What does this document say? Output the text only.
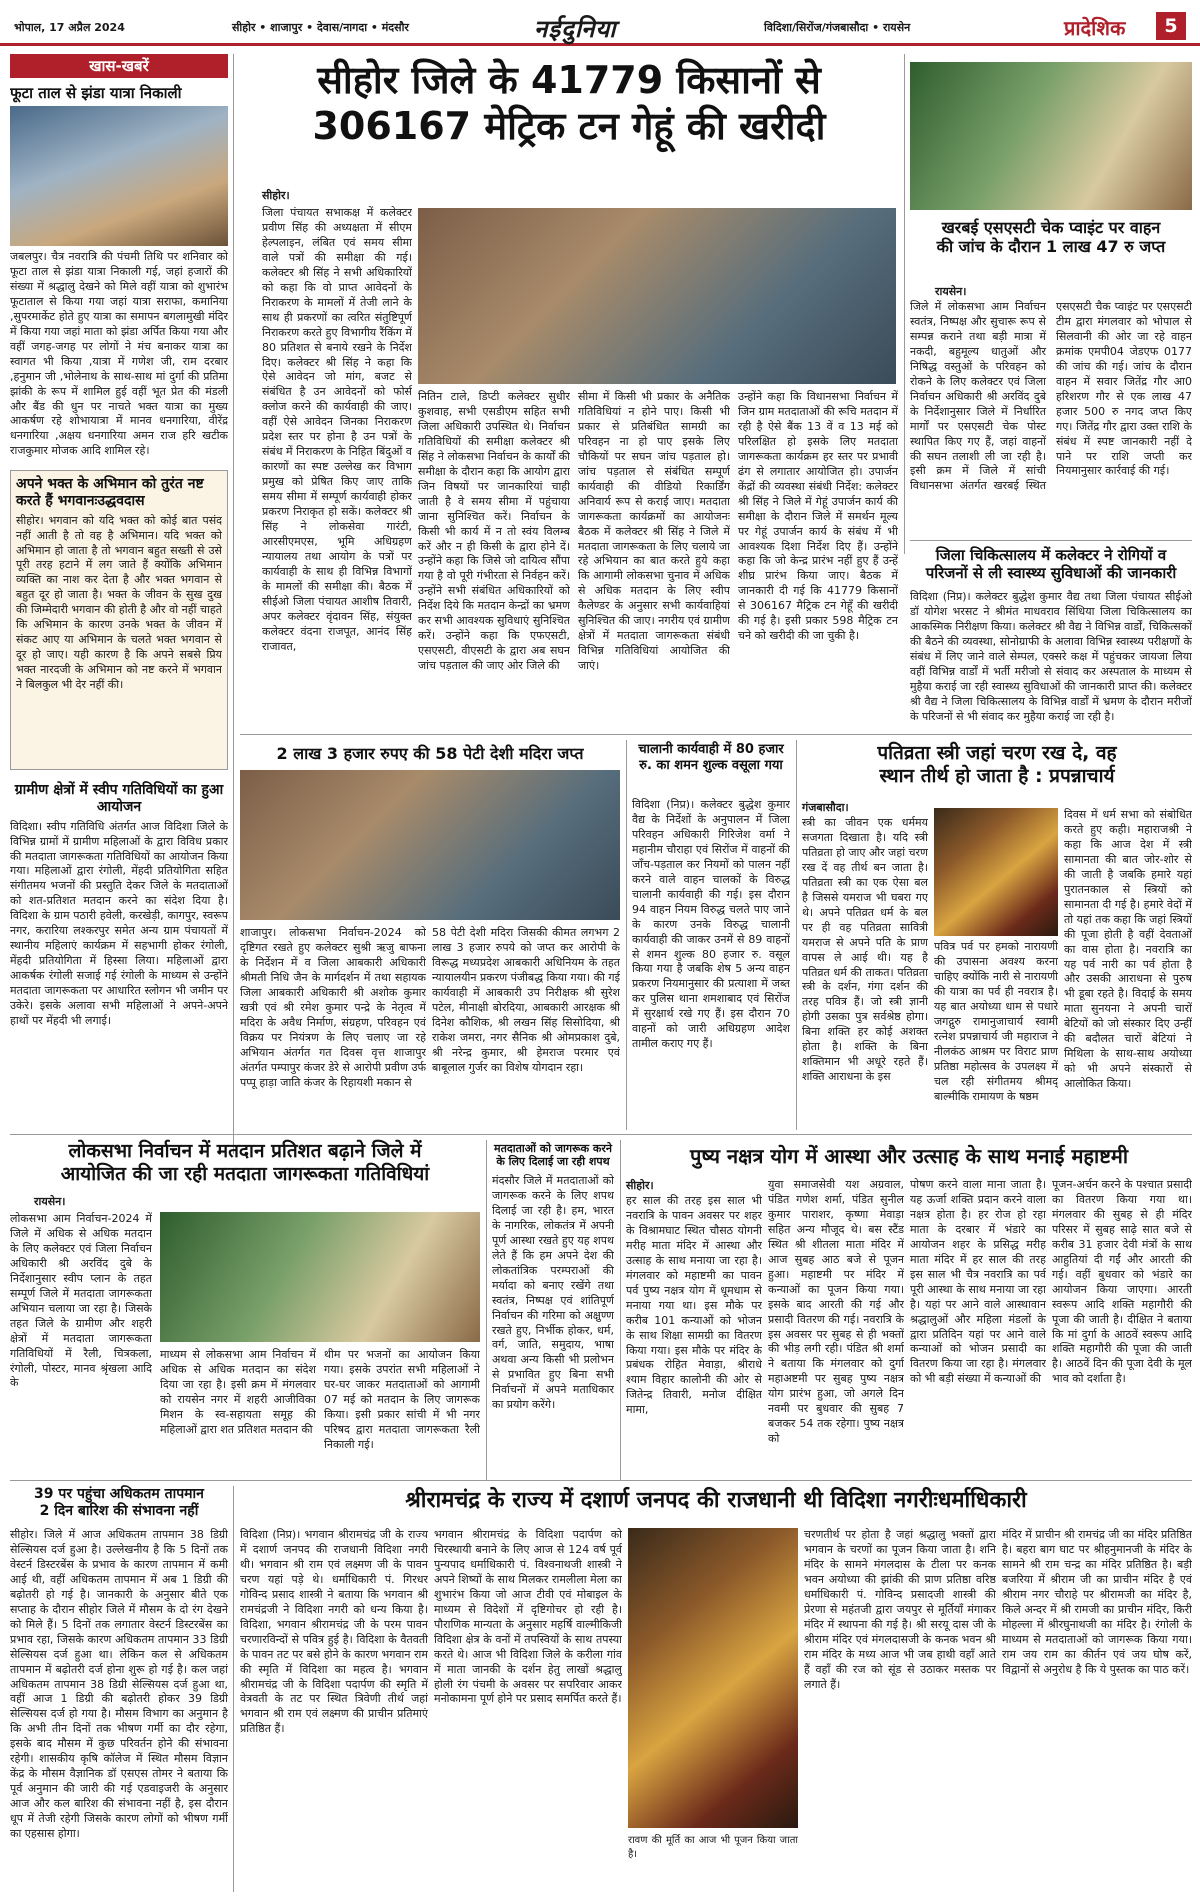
भोपाल, 17 अप्रैल 2024	सीहोर • शाजापुर • देवास/नागदा • मंदसौर	नईदुनिया	विदिशा/सिरोंज/गंजबासौदा • रायसेन	प्रादेशिक	5
खास-खबरें
फूटा ताल से झंडा यात्रा निकाली
जबलपुर। चैत्र नवरात्रि की पंचमी तिथि पर शनिवार को फूटा ताल से झंडा यात्रा निकाली गई, जहां हजारों की संख्या में श्रद्धालु देखने को मिले वहीं यात्रा को शुभारंभ फूटाताल से किया गया जहां यात्रा सराफा, कमानिया ,सुपरमार्केट होते हुए यात्रा का समापन बगलामुखी मंदिर में किया गया जहां माता को झंडा अर्पित किया गया और वहीं जगह-जगह पर लोगों ने मंच बनाकर यात्रा का स्वागत भी किया ,यात्रा में गणेश जी, राम दरबार ,हनुमान जी ,भोलेनाथ के साथ-साथ मां दुर्गा की प्रतिमा झांकी के रूप में शामिल हुई वहीं भूत प्रेत की मंडली और बैंड की धुन पर नाचते भक्त यात्रा का मुख्य आकर्षण रहे शोभायात्रा में मानव धनगारिया, वीरेंद्र धनगारिया ,अक्षय धनगारिया अमन राज हरि खटीक राजकुमार मोजक आदि शामिल रहे।
अपने भक्त के अभिमान को तुरंत नष्ट करते हैं भगवानःउद्धवदास
सीहोर। भगवान को यदि भक्त को कोई बात पसंद नहीं आती है तो वह है अभिमान। यदि भक्त को अभिमान हो जाता है तो भगवान बहुत सख्ती से उसे पूरी तरह हटाने में लग जाते हैं क्योंकि अभिमान व्यक्ति का नाश कर देता है और भक्त भगवान से बहुत दूर हो जाता है। भक्त के जीवन के सुख दुख की जिम्मेदारी भगवान की होती है और वो नहीं चाहते कि अभिमान के कारण उनके भक्त के जीवन में संकट आए या अभिमान के चलते भक्त भगवान से दूर हो जाए। यही कारण है कि अपने सबसे प्रिय भक्त नारदजी के अभिमान को नष्ट करने में भगवान ने बिलकुल भी देर नहीं की।
ग्रामीण क्षेत्रों में स्वीप गतिविधियों का हुआ आयोजन
विदिशा। स्वीप गतिविधि अंतर्गत आज विदिशा जिले के विभिन्न ग्रामों में ग्रामीण महिलाओं के द्वारा विविध प्रकार की मतदाता जागरूकता गतिविधियों का आयोजन किया गया। महिलाओं द्वारा रंगोली, मेंहदी प्रतियोगिता सहित संगीतमय भजनों की प्रस्तुति देकर जिले के मतदाताओं को शत-प्रतिशत मतदान करने का संदेश दिया है। विदिशा के ग्राम पठारी हवेली, करखेड़ी, कागपुर, स्वरूप नगर, करारिया लश्करपुर समेत अन्य ग्राम पंचायतों में स्थानीय महिलाएं कार्यक्रम में सहभागी होकर रंगोली, मेंहदी प्रतियोगिता में हिस्सा लिया। महिलाओं द्वारा आकर्षक रंगोली सजाई गई रंगोली के माध्यम से उन्होंने मतदाता जागरूकता पर आधारित स्लोगन भी जमीन पर उकेरे। इसके अलावा सभी महिलाओं ने अपने-अपने हाथों पर मेंहदी भी लगाई।
सीहोर जिले के 41779 किसानों से
306167 मेट्रिक टन गेहूं की खरीदी
सीहोर।
जिला पंचायत सभाकक्ष में कलेक्टर प्रवीण सिंह की अध्यक्षता में सीएम हेल्पलाइन, लंबित एवं समय सीमा वाले पत्रों की समीक्षा की गई। कलेक्टर श्री सिंह ने सभी अधिकारियों को कहा कि वो प्राप्त आवेदनों के निराकरण के मामलों में तेजी लाने के साथ ही प्रकरणों का त्वरित संतुष्टिपूर्ण निराकरण करते हुए विभागीय रैंकिंग में 80 प्रतिशत से बनाये रखने के निर्देश दिए। कलेक्टर श्री सिंह ने कहा कि ऐसे आवेदन जो मांग, बजट से संबंधित है उन आवेदनों को फोर्स क्लोज करने की कार्यवाही की जाए। वहीं ऐसे आवेदन जिनका निराकरण प्रदेश स्तर पर होना है उन पत्रों के संबंध में निराकरण के निहित बिंदुओं व कारणों का स्पष्ट उल्लेख कर विभाग प्रमुख को प्रेषित किए जाए ताकि समय सीमा में सम्पूर्ण कार्यवाही होकर प्रकरण निराकृत हो सकें। कलेक्टर श्री सिंह ने लोकसेवा गारंटी, आरसीएमएस, भूमि अधिग्रहण न्यायालय तथा आयोग के पत्रों पर कार्यवाही के साथ ही विभिन्न विभागों के मामलों की समीक्षा की। बैठक में सीईओ जिला पंचायत आशीष तिवारी, अपर कलेक्टर वृंदावन सिंह, संयुक्त कलेक्टर वंदना राजपूत, आनंद सिंह राजावत,
नितिन टाले, डिप्टी कलेक्टर सुधीर कुशवाह, सभी एसडीएम सहित सभी जिला अधिकारी उपस्थित थे। निर्वाचन गतिविधियों की समीक्षा कलेक्टर श्री सिंह ने लोकसभा निर्वाचन के कार्यों की समीक्षा के दौरान कहा कि आयोग द्वारा जिन विषयों पर जानकारियां चाही जाती है वे समय सीमा में पहुंचाया जाना सुनिश्चित करें। निर्वाचन के किसी भी कार्य में न तो स्वंय विलम्ब करें और न ही किसी के द्वारा होने दें। उन्होंने कहा कि जिसे जो दायित्व सौंपा गया है वो पूरी गंभीरता से निर्वहन करें। उन्होंने सभी संबंधित अधिकारियों को निर्देश दिये कि मतदान केन्द्रों का भ्रमण कर सभी आवश्यक सुविधाएं सुनिश्चित करें। उन्होंने कहा कि एफएसटी, एसएसटी, वीएसटी के द्वारा अब सघन जांच पड़ताल की जाए ओर जिले की
सीमा में किसी भी प्रकार के अनैतिक गतिविधियां न होने पाए। किसी भी प्रकार से प्रतिबंधित सामग्री का परिवहन ना हो पाए इसके लिए चौकियों पर सघन जांच पड़ताल हो। जांच पड़ताल से संबंधित सम्पूर्ण कार्यवाही की वीडियो रिकार्डिंग अनिवार्य रूप से कराई जाए। मतदाता जागरूकता कार्यक्रमों का आयोजनः बैठक में कलेक्टर श्री सिंह ने जिले में मतदाता जागरूकता के लिए चलाये जा रहे अभियान का बात करते हुये कहा कि आगामी लोकसभा चुनाव में अधिक से अधिक मतदान के लिए स्वीप कैलेण्डर के अनुसार सभी कार्यवाहियां सुनिश्चित की जाए। नगरीय एवं ग्रामीण क्षेत्रों में मतदाता जागरूकता संबंधी विभिन्न गतिविधियां आयोजित की जाएं।
उन्होंने कहा कि विधानसभा निर्वाचन में जिन ग्राम मतदाताओं की रूचि मतदान में रही है ऐसे बैंक 13 वें व 13 मई को परिलक्षित हो इसके लिए मतदाता जागरूकता कार्यक्रम हर स्तर पर प्रभावी ढंग से लगातार आयोजित हो। उपार्जन केंद्रों की व्यवस्था संबंधी निर्देश: कलेक्टर श्री सिंह ने जिले में गेहूं उपार्जन कार्य की समीक्षा के दौरान जिले में समर्थन मूल्य पर गेहूं उपार्जन कार्य के संबंध में भी आवश्यक दिशा निर्देश दिए हैं। उन्होंने कहा कि जो केन्द्र प्रारंभ नहीं हुए हैं उन्हें शीघ्र प्रारंभ किया जाए। बैठक में जानकारी दी गई कि 41779 किसानों से 306167 मैट्रिक टन गेहूँ की खरीदी की गई है। इसी प्रकार 598 मैट्रिक टन चने को खरीदी की जा चुकी है।
खरबई एसएसटी चेक प्वाइंट पर वाहन
की जांच के दौरान 1 लाख 47 रु जप्त
रायसेन।
जिले में लोकसभा आम निर्वाचन स्वतंत्र, निष्पक्ष और सुचारू रूप से सम्पन्न कराने तथा बड़ी मात्रा में नकदी, बहुमूल्य धातुओं और निषिद्ध वस्तुओं के परिवहन को रोकने के लिए कलेक्टर एवं जिला निर्वाचन अधिकारी श्री अरविंद दुबे के निर्देशानुसार जिले में निर्धारित मार्गों पर एसएसटी चेक पोस्ट स्थापित किए गए हैं, जहां वाहनों की सघन तलाशी ली जा रही है। इसी क्रम में जिले में सांची विधानसभा अंतर्गत खरबई स्थित एसएसटी चैक प्वाइंट पर एसएसटी टीम द्वारा मंगलवार को भोपाल से सिलवानी की ओर जा रहे वाहन क्रमांक एमपी04 जेडएफ 0177 की जांच की गई। जांच के दौरान वाहन में सवार जितेंद्र गौर आ0 हरिशरण गौर से एक लाख 47 हजार 500 रु नगद जप्त किए गए। जितेंद्र गौर द्वारा उक्त राशि के संबंध में स्पष्ट जानकारी नहीं दे पाने पर राशि जप्ती कर नियमानुसार कार्रवाई की गई।
जिला चिकित्सालय में कलेक्टर ने रोगियों व
परिजनों से ली स्वास्थ्य सुविधाओं की जानकारी
विदिशा (निप्र)। कलेक्टर बुद्धेश कुमार वैद्य तथा जिला पंचायत सीईओ डॉ योगेश भरसट ने श्रीमंत माधवराव सिंधिया जिला चिकित्सालय का आकस्मिक निरीक्षण किया। कलेक्टर श्री वैद्य ने विभिन्न वार्डों, चिकित्सकों की बैठने की व्यवस्था, सोनोग्राफी के अलावा विभिन्न स्वास्थ्य परीक्षणों के संबंध में लिए जाने वाले सेम्पल, एक्सरे कक्ष में पहुंचकर जायजा लिया वहीं विभिन्न वार्डों में भर्ती मरीजो से संवाद कर अस्पताल के माध्यम से मुहैया कराई जा रही स्वास्थ्य सुविधाओं की जानकारी प्राप्त की। कलेक्टर श्री वैद्य ने जिला चिकित्सालय के विभिन्न वार्डों में भ्रमण के दौरान मरीजों के परिजनों से भी संवाद कर मुहैया कराई जा रही है।
2 लाख 3 हजार रुपए की 58 पेटी देशी मदिरा जप्त
शाजापुर। लोकसभा निर्वाचन-2024 को दृष्टिगत रखते हुए कलेक्टर सुश्री ऋजु बाफना के निर्देशन में व जिला आबकारी अधिकारी श्रीमती निधि जैन के मार्गदर्शन में तथा सहायक जिला आबकारी अधिकारी श्री अशोक कुमार खत्री एवं श्री रमेश कुमार पन्द्रे के नेतृत्व में मदिरा के अवैध निर्माण, संग्रहण, परिवहन एवं विक्रय पर नियंत्रण के लिए चलाए जा रहे अभियान अंतर्गत गत दिवस वृत्त शाजापुर अंतर्गत पम्पापुर कंजर डेरे से आरोपी प्रवीण उर्फ पप्पू हाड़ा जाति कंजर के रिहायशी मकान से
58 पेटी देशी मदिरा जिसकी कीमत लगभग 2 लाख 3 हजार रुपये को जप्त कर आरोपी के विरूद्ध मध्यप्रदेश आबकारी अधिनियम के तहत न्यायालयीन प्रकरण पंजीबद्ध किया गया। की गई कार्यवाही में आबकारी उप निरीक्षक श्री सुरेश पटेल, मीनाक्षी बोरदिया, आबकारी आरक्षक श्री दिनेश कौशिक, श्री लखन सिंह सिसोदिया, श्री राकेश जमरा, नगर सैनिक श्री ओमप्रकाश दुबे, श्री नरेन्द्र कुमार, श्री हेमराज परमार एवं बाबूलाल गुर्जर का विशेष योगदान रहा।
चालानी कार्यवाही में 80 हजार रु. का शमन शुल्क वसूला गया
विदिशा (निप्र)। कलेक्टर बुद्धेश कुमार वैद्य के निर्देशों के अनुपालन में जिला परिवहन अधिकारी गिरिजेश वर्मा ने महानीम चौराहा एवं सिरोंज में वाहनों की जाँच-पड़ताल कर नियमों को पालन नहीं करने वाले वाहन चालकों के विरुद्ध चालानी कार्यवाही की गई। इस दौरान 94 वाहन नियम विरुद्ध चलते पाए जाने के कारण उनके विरुद्ध चालानी कार्यवाही की जाकर उनमें से 89 वाहनों से शमन शुल्क 80 हजार रु. वसूल किया गया है जबकि शेष 5 अन्य वाहन प्रकरण नियमानुसार की प्रत्याशा में जब्त कर पुलिस थाना शमशाबाद एवं सिरोंज में सुरक्षार्थ रखे गए हैं। इस दौरान 70 वाहनों को जारी अधिग्रहण आदेश तामील कराए गए हैं।
पतिव्रता स्त्री जहां चरण रख दे, वह
स्थान तीर्थ हो जाता है : प्रपन्नाचार्य
गंजबासौदा।
स्त्री का जीवन एक धर्ममय सजगता दिखाता है। यदि स्त्री पतिव्रता हो जाए और जहां चरण रख दें वह तीर्थ बन जाता है। पतिव्रता स्त्री का एक ऐसा बल है जिससे यमराज भी घबरा गए थे। अपने पतिव्रत धर्म के बल पर ही वह पतिव्रता सावित्री यमराज से अपने पति के प्राण वापस ले आई थी। यह है पतिव्रत धर्म की ताकत। पतिव्रता स्त्री के दर्शन, गंगा दर्शन की तरह पवित्र हैं। जो स्त्री ज्ञानी होगी उसका पुत्र सर्वश्रेष्ठ होगा। बिना शक्ति हर कोई अशक्त होता है। शक्ति के बिना शक्तिमान भी अधूरे रहते हैं। शक्ति आराधना के इस
पवित्र पर्व पर हमको नारायणी की उपासना अवश्य करना चाहिए क्योंकि नारी से नारायणी की यात्रा का पर्व ही नवरात्र है। यह बात अयोध्या धाम से पधारे जगद्गुरु रामानुजाचार्य स्वामी रत्नेश प्रपन्नाचार्य जी महाराज ने नीलकंठ आश्रम पर विराट प्राण प्रतिष्ठा महोत्सव के उपलक्ष्य में चल रही संगीतमय श्रीमद् बाल्मीकि रामायण के षष्ठम
दिवस में धर्म सभा को संबोधित करते हुए कही। महाराजश्री ने कहा कि आज देश में स्त्री सामानता की बात जोर-शोर से की जाती है जबकि हमारे यहां पुरातनकाल से स्त्रियों को सामानता दी गई है। हमारे वेदों में तो यहां तक कहा कि जहां स्त्रियों की पूजा होती है वहीं देवताओं का वास होता है। नवरात्रि का यह पर्व नारी का पर्व होता है और उसकी आराधना से पुरुष भी डूबा रहते है। विदाई के समय माता सुनयना ने अपनी चारों बेटियों को जो संस्कार दिए उन्हीं की बदौलत चारों बेटियां ने मिथिला के साथ-साथ अयोध्या को भी अपने संस्कारों से आलोकित किया।
लोकसभा निर्वाचन में मतदान प्रतिशत बढ़ाने जिले में
आयोजित की जा रही मतदाता जागरूकता गतिविधियां
रायसेन।
लोकसभा आम निर्वाचन-2024 में जिले में अधिक से अधिक मतदान के लिए कलेक्टर एवं जिला निर्वाचन अधिकारी श्री अरविंद दुबे के निर्देशानुसार स्वीप प्लान के तहत सम्पूर्ण जिले में मतदाता जागरूकता अभियान चलाया जा रहा है। जिसके तहत जिले के ग्रामीण और शहरी क्षेत्रों में मतदाता जागरूकता गतिविधियों में रैली, चित्रकला, रंगोली, पोस्टर, मानव श्रृंखला आदि के
माध्यम से लोकसभा आम निर्वाचन में अधिक से अधिक मतदान का संदेश दिया जा रहा है। इसी क्रम में मंगलवार को रायसेन नगर में शहरी आजीविका मिशन के स्व-सहायता समूह की महिलाओं द्वारा शत प्रतिशत मतदान की
थीम पर भजनों का आयोजन किया गया। इसके उपरांत सभी महिलाओं ने घर-घर जाकर मतदाताओं को आगामी 07 मई को मतदान के लिए जागरूक किया। इसी प्रकार सांची में भी नगर परिषद द्वारा मतदाता जागरूकता रैली निकाली गई।
मतदाताओं को जागरूक करने के लिए दिलाई जा रही शपथ
मंदसौर जिले में मतदाताओं को जागरूक करने के लिए शपथ दिलाई जा रही है। हम, भारत के नागरिक, लोकतंत्र में अपनी पूर्ण आस्था रखते हुए यह शपथ लेते हैं कि हम अपने देश की लोकतांत्रिक परम्पराओं की मर्यादा को बनाए रखेंगे तथा स्वतंत्र, निष्पक्ष एवं शांतिपूर्ण निर्वाचन की गरिमा को अक्षुण्ण रखते हुए, निर्भीक होकर, धर्म, वर्ग, जाति, समुदाय, भाषा अथवा अन्य किसी भी प्रलोभन से प्रभावित हुए बिना सभी निर्वाचनों में अपने मताधिकार का प्रयोग करेंगे।
पुष्य नक्षत्र योग में आस्था और उत्साह के साथ मनाई महाष्टमी
सीहोर।
हर साल की तरह इस साल भी नवरात्रि के पावन अवसर पर शहर के विश्रामघाट स्थित चौसठ योगनी मरीह माता मंदिर में आस्था और उत्साह के साथ मनाया जा रहा है। मंगलवार को महाष्टमी का पावन पर्व पुष्य नक्षत्र योग में धूमधाम से मनाया गया था। इस मौके पर करीब 101 कन्याओं को भोजन के साथ शिक्षा सामग्री का वितरण किया गया। इस मौके पर मंदिर के प्रबंधक रोहित मेवाड़ा, श्रीराधे श्याम विहार कालोनी की ओर से जितेन्द्र तिवारी, मनोज दीक्षित मामा,
युवा समाजसेवी यश अग्रवाल, पंडित गणेश शर्मा, पंडित सुनील कुमार पाराशर, कृष्णा मेवाड़ा सहित अन्य मौजूद थे। बस स्टैंड स्थित श्री शीतला माता मंदिर में आज सुबह आठ बजे से पूजन हुआ। महाष्टमी पर मंदिर में कन्याओं का पूजन किया गया। इसके बाद आरती की गई और प्रसादी वितरण की गई। नवरात्रि के इस अवसर पर सुबह से ही भक्तों की भीड़ लगी रही। पंडित श्री शर्मा ने बताया कि मंगलवार को दुर्गा महाअष्टमी पर सुबह पुष्य नक्षत्र योग प्रारंभ हुआ, जो अगले दिन नवमी पर बुधवार की सुबह 7 बजकर 54 तक रहेगा। पुष्य नक्षत्र को
पोषण करने वाला माना जाता है। यह ऊर्जा शक्ति प्रदान करने वाला नक्षत्र होता है। हर रोज हो रहा माता के दरबार में भंडारे का आयोजन शहर के प्रसिद्ध मरीह माता मंदिर में हर साल की तरह इस साल भी चैत्र नवरात्रि का पर्व पूरी आस्था के साथ मनाया जा रहा है। यहां पर आने वाले आस्थावान श्रद्धालुओं और महिला मंडलों के द्वारा प्रतिदिन यहां पर आने वाले कन्याओं को भोजन प्रसादी का वितरण किया जा रहा है। मंगलवार को भी बड़ी संख्या में कन्याओं की
पूजन-अर्चन करने के पश्चात प्रसादी का वितरण किया गया था। मंगलवार की सुबह से ही मंदिर परिसर में सुबह साढ़े सात बजे से करीब 31 हजार देवी मंत्रों के साथ आहुतियां दी गईं और आरती की गई। वहीं बुधवार को भंडारे का आयोजन किया जाएगा। आरती स्वरूप आदि शक्ति महागौरी की पूजा की जाती है। दीक्षित ने बताया कि मां दुर्गा के आठवें स्वरूप आदि शक्ति महागौरी की पूजा की जाती है। आठवें दिन की पूजा देवी के मूल भाव को दर्शाता है।
39 पर पहुंचा अधिकतम तापमान
2 दिन बारिश की संभावना नहीं
सीहोर। जिले में आज अधिकतम तापमान 38 डिग्री सेल्सियस दर्ज हुआ है। उल्लेखनीय है कि 5 दिनों तक वेस्टर्न डिस्टरबेंस के प्रभाव के कारण तापमान में कमी आई थी, वहीं अधिकतम तापमान में अब 1 डिग्री की बढ़ोतरी हो गई है। जानकारी के अनुसार बीते एक सप्ताह के दौरान सीहोर जिले में मौसम के दो रंग देखने को मिले हैं। 5 दिनों तक लगातार वेस्टर्न डिस्टरबेंस का प्रभाव रहा, जिसके कारण अधिकतम तापमान 33 डिग्री सेल्सियस दर्ज हुआ था। लेकिन कल से अधिकतम तापमान में बढ़ोतरी दर्ज होना शुरू हो गई है। कल जहां अधिकतम तापमान 38 डिग्री सेल्सियस दर्ज हुआ था, वहीं आज 1 डिग्री की बढ़ोतरी होकर 39 डिग्री सेल्सियस दर्ज हो गया है। मौसम विभाग का अनुमान है कि अभी तीन दिनों तक भीषण गर्मी का दौर रहेगा, इसके बाद मौसम में कुछ परिवर्तन होने की संभावना रहेगी। शासकीय कृषि कॉलेज में स्थित मौसम विज्ञान केंद्र के मौसम वैज्ञानिक डॉ एसएस तोमर ने बताया कि पूर्व अनुमान की जारी की गई एडवाइजरी के अनुसार आज और कल बारिश की संभावना नहीं है, इस दौरान धूप में तेजी रहेगी जिसके कारण लोगों को भीषण गर्मी का एहसास होगा।
श्रीरामचंद्र के राज्य में दशार्ण जनपद की राजधानी थी विदिशा नगरीःधर्माधिकारी
विदिशा (निप्र)। भगवान श्रीरामचंद्र जी के राज्य में दशार्ण जनपद की राजधानी विदिशा नगरी थी। भगवान श्री राम एवं लक्ष्मण जी के पावन चरण यहां पड़े थे। धर्माधिकारी पं. गिरधर गोविन्द प्रसाद शास्त्री ने बताया कि भगवान श्री रामचंद्रजी ने विदिशा नगरी को धन्य किया है। विदिशा, भगवान श्रीरामचंद्र जी के परम पावन चरणारविन्दों से पवित्र हुई है। विदिशा के वैतवती के पावन तट पर बसे होने के कारण भगवान राम की स्मृति में विदिशा का महत्व है। भगवान श्रीरामचंद्र जी के विदिशा पदार्पण की स्मृति में वेत्रवती के तट पर स्थित त्रिवेणी तीर्थ जहां भगवान श्री राम एवं लक्ष्मण की प्राचीन प्रतिमाएं प्रतिष्ठित हैं।
भगवान श्रीरामचंद्र के विदिशा पदार्पण को चिरस्थायी बनाने के लिए आज से 124 वर्ष पूर्व पुन्यपाद धर्माधिकारी पं. विश्वनाथजी शास्त्री ने अपने शिष्यों के साथ मिलकर रामलीला मेला का शुभारंभ किया जो आज टीवी एवं मोबाइल के माध्यम से विदेशों में दृष्टिगोचर हो रही है। पौराणिक मान्यता के अनुसार महर्षि वाल्मीकिजी विदिशा क्षेत्र के वनों में तपस्वियों के साथ तपस्या करते थे। आज भी विदिशा जिले के करीला गांव में माता जानकी के दर्शन हेतु लाखों श्रद्धालु होली रंग पंचमी के अवसर पर सपरिवार आकर मनोकामना पूर्ण होने पर प्रसाद समर्पित करते हैं।
रावण की मूर्ति का आज भी पूजन किया जाता है।
चरणतीर्थ पर होता है जहां श्रद्धालु भक्तों द्वारा भगवान के चरणों का पूजन किया जाता है। शनि मंदिर के सामने मंगलदास के टीला पर कनक भवन अयोध्या की झांकी की प्राण प्रतिष्ठा वरिष्ठ धर्माधिकारी पं. गोविन्द प्रसादजी शास्त्री की प्रेरणा से महंतजी द्वारा जयपुर से मूर्तियाँ मंगाकर मंदिर में स्थापना की गई है। श्री सरयू दास जी के श्रीराम मंदिर एवं मंगलदासजी के कनक भवन श्री राम मंदिर के मध्य आज भी जब हाथी वहाँ आते हैं वहाँ की रज को सूंड से उठाकर मस्तक पर लगाते हैं।
मंदिर में प्राचीन श्री रामचंद्र जी का मंदिर प्रतिष्ठित है। बहरा बाग घाट पर श्रीहनुमानजी के मंदिर के सामने श्री राम चन्द्र का मंदिर प्रतिष्ठित है। बड़ी बजरिया में श्रीराम जी का प्राचीन मंदिर है एवं श्रीराम नगर चौराहे पर श्रीरामजी का मंदिर है, किले अन्दर में श्री रामजी का प्राचीन मंदिर, किरी मोहल्ला में श्रीरघुनाथजी का मंदिर है। रंगोली के माध्यम से मतदाताओं को जागरूक किया गया। राम जय राम का कीर्तन एवं जय घोष करें, विद्वानों से अनुरोध है कि ये पुस्तक का पाठ करें।
